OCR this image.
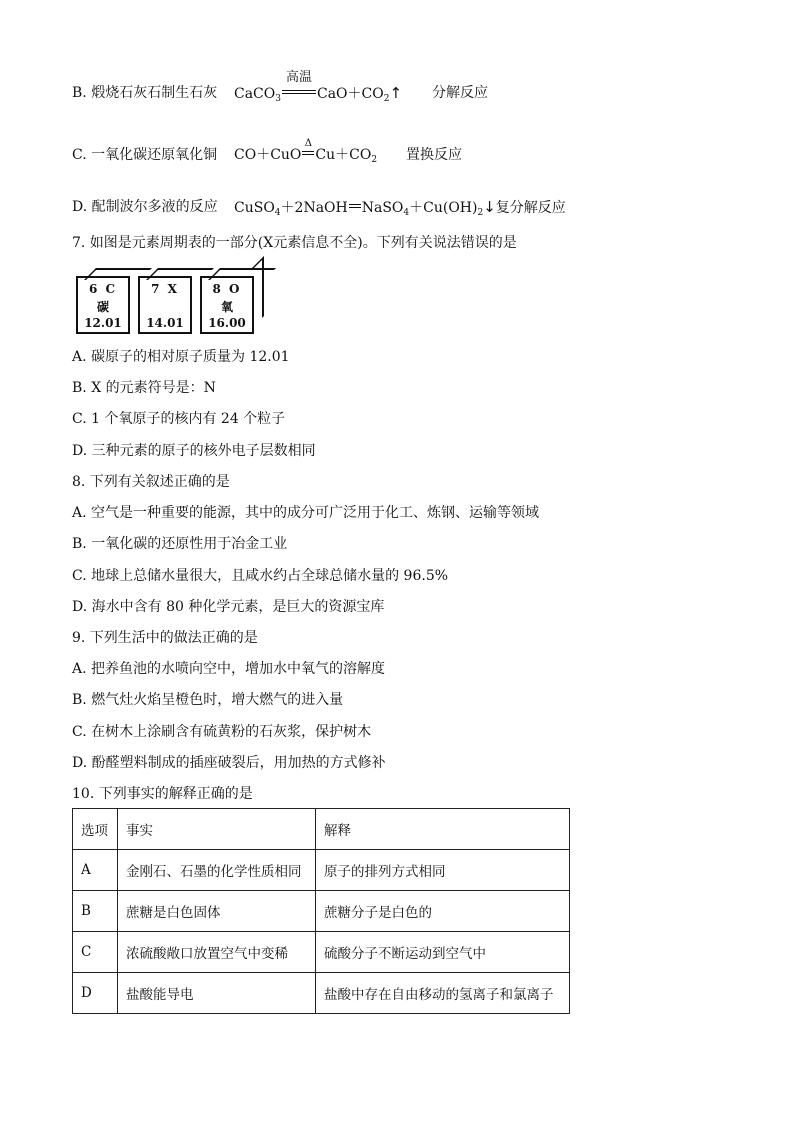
B. 煅烧石灰石制生石灰 CaCO$_3$
高温
$CaO+CO_2↑$ 分解反应
C. 一氧化碳还原氧化铜 CO＋CuO
Δ
$Cu+CO_2$ 置换反应
D. 配制波尔多液的反应 CuSO$_4$＋2NaOH $NaSO_4+Cu(OH)_2↓$复分解反应
7. 如图是元素周期表的一部分(X元素信息不全)。下列有关说法错误的是
6 C
碳
12.01
7 X
14.01
8 O
氧
16.00
A. 碳原子的相对原子质量为 12.01
B. X 的元素符号是：N
C. 1 个氧原子的核内有 24 个粒子
D. 三种元素的原子的核外电子层数相同
8. 下列有关叙述正确的是
A. 空气是一种重要的能源，其中的成分可广泛用于化工、炼钢、运输等领域
B. 一氧化碳的还原性用于冶金工业
C. 地球上总储水量很大，且咸水约占全球总储水量的 96.5%
D. 海水中含有 80 种化学元素，是巨大的资源宝库
9. 下列生活中的做法正确的是
A. 把养鱼池的水喷向空中，增加水中氧气的溶解度
B. 燃气灶火焰呈橙色时，增大燃气的进入量
C. 在树木上涂刷含有硫黄粉的石灰浆，保护树木
D. 酚醛塑料制成的插座破裂后，用加热的方式修补
10. 下列事实的解释正确的是
选项	事实	解释
A	金刚石、石墨的化学性质相同	原子的排列方式相同
B	蔗糖是白色固体	蔗糖分子是白色的
C	浓硫酸敞口放置空气中变稀	硫酸分子不断运动到空气中
D	盐酸能导电	盐酸中存在自由移动的氢离子和氯离子
